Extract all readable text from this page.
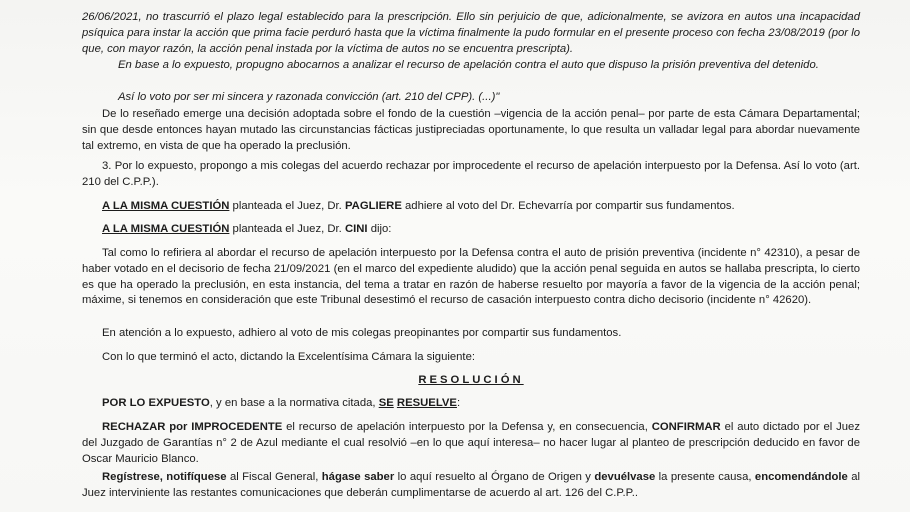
26/06/2021, no trascurrió el plazo legal establecido para la prescripción. Ello sin perjuicio de que, adicionalmente, se avizora en autos una incapacidad psíquica para instar la acción que prima facie perduró hasta que la víctima finalmente la pudo formular en el presente proceso con fecha 23/08/2019 (por lo que, con mayor razón, la acción penal instada por la víctima de autos no se encuentra prescripta).

En base a lo expuesto, propugno abocarnos a analizar el recurso de apelación contra el auto que dispuso la prisión preventiva del detenido.

Así lo voto por ser mi sincera y razonada convicción (art. 210 del CPP). (...)"

De lo reseñado emerge una decisión adoptada sobre el fondo de la cuestión –vigencia de la acción penal– por parte de esta Cámara Departamental; sin que desde entonces hayan mutado las circunstancias fácticas justipreciadas oportunamente, lo que resulta un valladar legal para abordar nuevamente tal extremo, en vista de que ha operado la preclusión.

3. Por lo expuesto, propongo a mis colegas del acuerdo rechazar por improcedente el recurso de apelación interpuesto por la Defensa. Así lo voto (art. 210 del C.P.P.).

A LA MISMA CUESTIÓN planteada el Juez, Dr. PAGLIERE adhiere al voto del Dr. Echevarría por compartir sus fundamentos.

A LA MISMA CUESTIÓN planteada el Juez, Dr. CINI dijo:

Tal como lo refiriera al abordar el recurso de apelación interpuesto por la Defensa contra el auto de prisión preventiva (incidente n° 42310), a pesar de haber votado en el decisorio de fecha 21/09/2021 (en el marco del expediente aludido) que la acción penal seguida en autos se hallaba prescripta, lo cierto es que ha operado la preclusión, en esta instancia, del tema a tratar en razón de haberse resuelto por mayoría a favor de la vigencia de la acción penal; máxime, si tenemos en consideración que este Tribunal desestimó el recurso de casación interpuesto contra dicho decisorio (incidente n° 42620).

En atención a lo expuesto, adhiero al voto de mis colegas preopinantes por compartir sus fundamentos.

Con lo que terminó el acto, dictando la Excelentísima Cámara la siguiente:

RESOLUCIÓN

POR LO EXPUESTO, y en base a la normativa citada, SE RESUELVE:

RECHAZAR por IMPROCEDENTE el recurso de apelación interpuesto por la Defensa y, en consecuencia, CONFIRMAR el auto dictado por el Juez del Juzgado de Garantías n° 2 de Azul mediante el cual resolvió –en lo que aquí interesa– no hacer lugar al planteo de prescripción deducido en favor de Oscar Mauricio Blanco.

Regístrese, notifíquese al Fiscal General, hágase saber lo aquí resuelto al Órgano de Origen y devuélvase la presente causa, encomendándole al Juez interviniente las restantes comunicaciones que deberán cumplimentarse de acuerdo al art. 126 del C.P.P..
